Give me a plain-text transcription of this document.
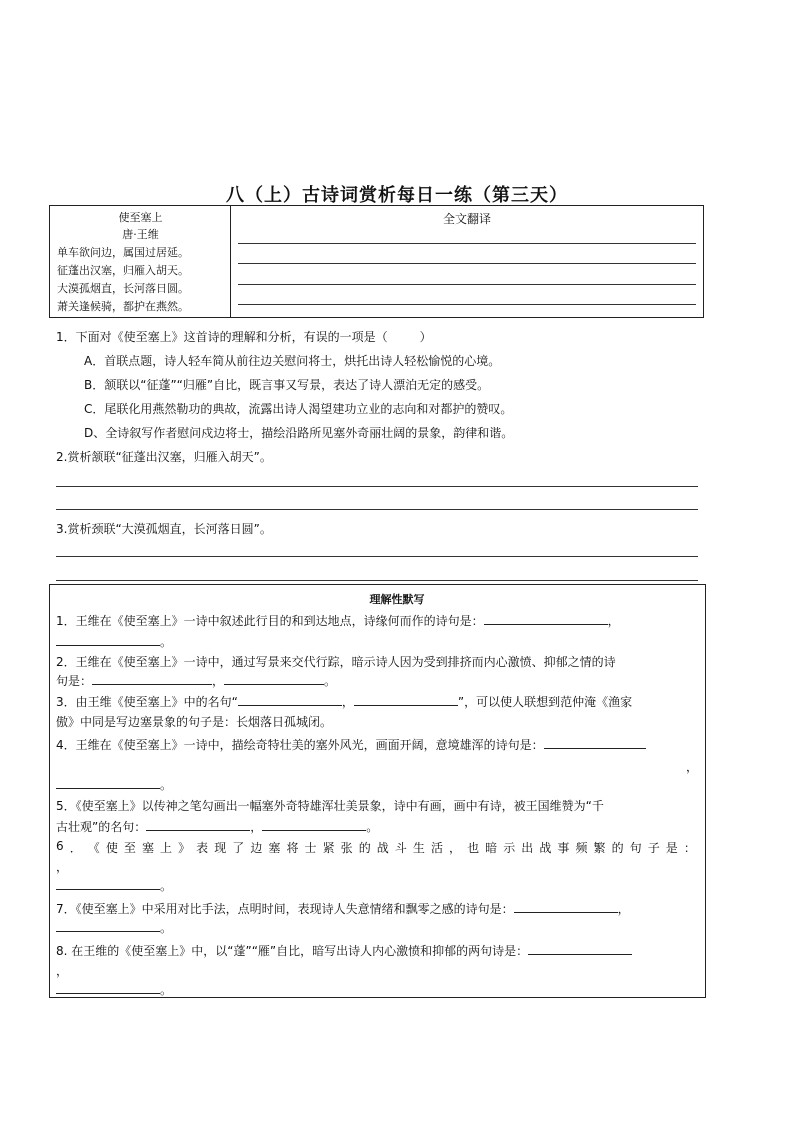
八（上）古诗词赏析每日一练（第三天）
使至塞上
唐·王维
单车欲问边，属国过居延。
征蓬出汉塞，归雁入胡天。
大漠孤烟直，长河落日圆。
萧关逢候骑，都护在燕然。
全文翻译
1．下面对《使至塞上》这首诗的理解和分析，有误的一项是（	）
A．首联点题，诗人轻车简从前往边关慰问将士，烘托出诗人轻松愉悦的心境。
B．颔联以“征蓬”“归雁”自比，既言事又写景，表达了诗人漂泊无定的感受。
C．尾联化用燕然勒功的典故，流露出诗人渴望建功立业的志向和对都护的赞叹。
D、全诗叙写作者慰问戍边将士，描绘沿路所见塞外奇丽壮阔的景象，韵律和谐。
2.赏析颔联“征蓬出汉塞，归雁入胡天”。
3.赏析颈联“大漠孤烟直，长河落日圆”。
理解性默写
1．王维在《使至塞上》一诗中叙述此行目的和到达地点，诗缘何而作的诗句是：	，
。
2．王维在《使至塞上》一诗中，通过写景来交代行踪，暗示诗人因为受到排挤而内心激愤、抑郁之情的诗
句是：	，	。
3．由王维《使至塞上》中的名句“	，	”，可以使人联想到范仲淹《渔家
傲》中同是写边塞景象的句子是：长烟落日孤城闭。
4．王维在《使至塞上》一诗中，描绘奇特壮美的塞外风光，画面开阔，意境雄浑的诗句是：
，
。
5．《使至塞上》以传神之笔勾画出一幅塞外奇特雄浑壮美景象，诗中有画，画中有诗，被王国维赞为“千
古壮观”的名句：	，	。
6 ． 《 使 至 塞 上 》 表 现 了 边 塞 将 士 紧 张 的 战 斗 生 活 ， 也 暗 示 出 战 事 频 繁 的 句 子 是 ：
，
。
7．《使至塞上》中采用对比手法，点明时间，表现诗人失意情绪和飘零之感的诗句是：	，
。
8. 在王维的《使至塞上》中，以“蓬”“雁”自比，暗写出诗人内心激愤和抑郁的两句诗是：
，
。
